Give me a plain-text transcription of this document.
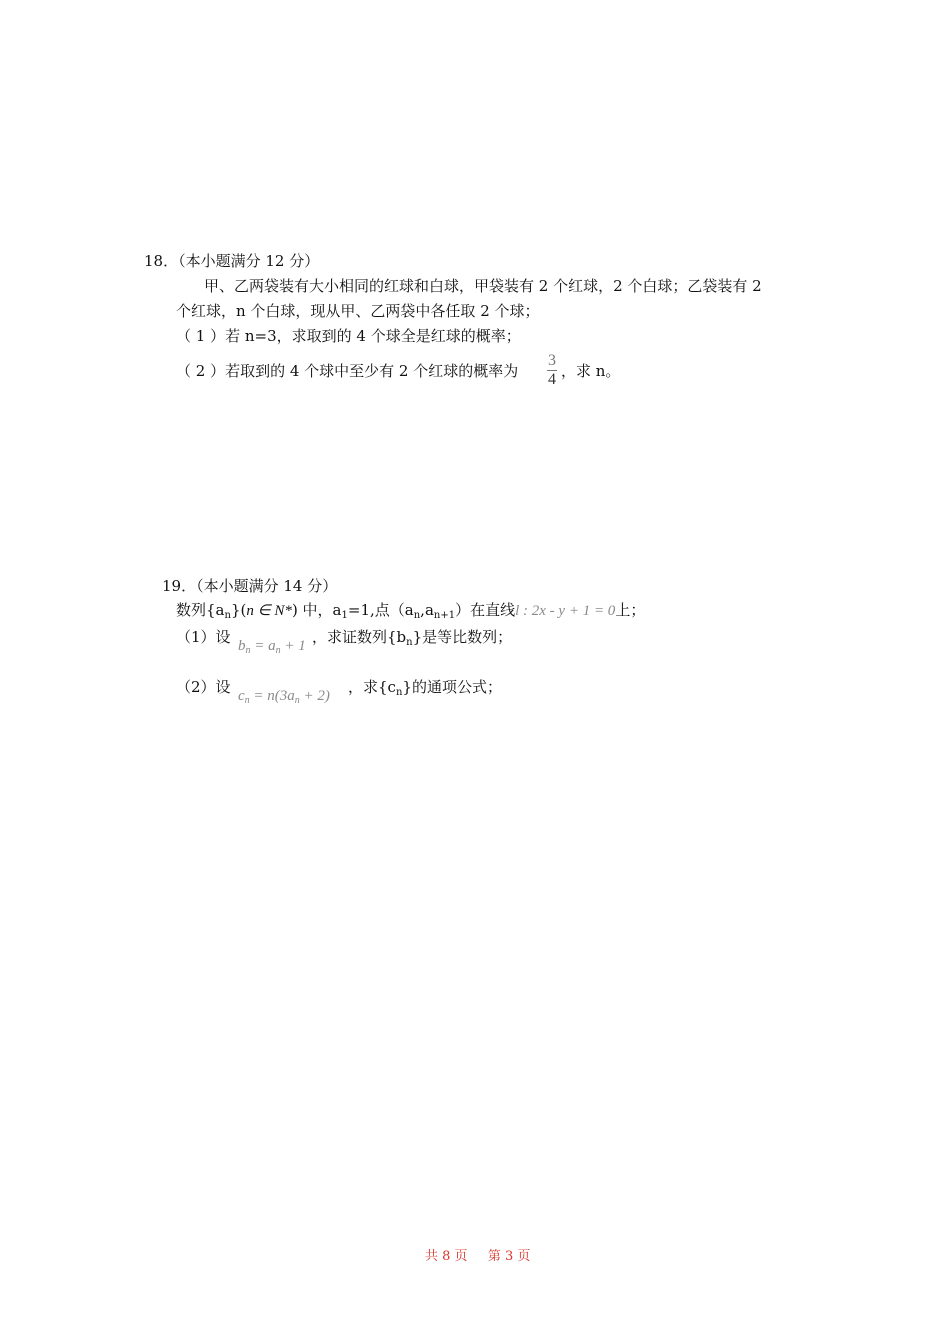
18．（本小题满分 12 分）
甲、乙两袋装有大小相同的红球和白球，甲袋装有 2 个红球，2 个白球；乙袋装有 2
个红球，n 个白球，现从甲、乙两袋中各任取 2 个球；
（ 1 ）若 n=3，求取到的 4 个球全是红球的概率；
（ 2 ）若取到的 4 个球中至少有 2 个红球的概率为
3
4 ，求 n。
19．（本小题满分 14 分）
数列$\{a_n\}(n$ ∈ N*) 中，$a_1=1$,点$(a_n,a_{n+1})$在直线l : 2x - y + 1 = 0上；
（1）设 $b_n = a_n + 1$ ，求证数列$\{b_n\}$是等比数列；
（2）设 $c_n = n(3a_n + 2)$ ，求$\{c_n\}$的通项公式；
共 8 页 第 3 页
